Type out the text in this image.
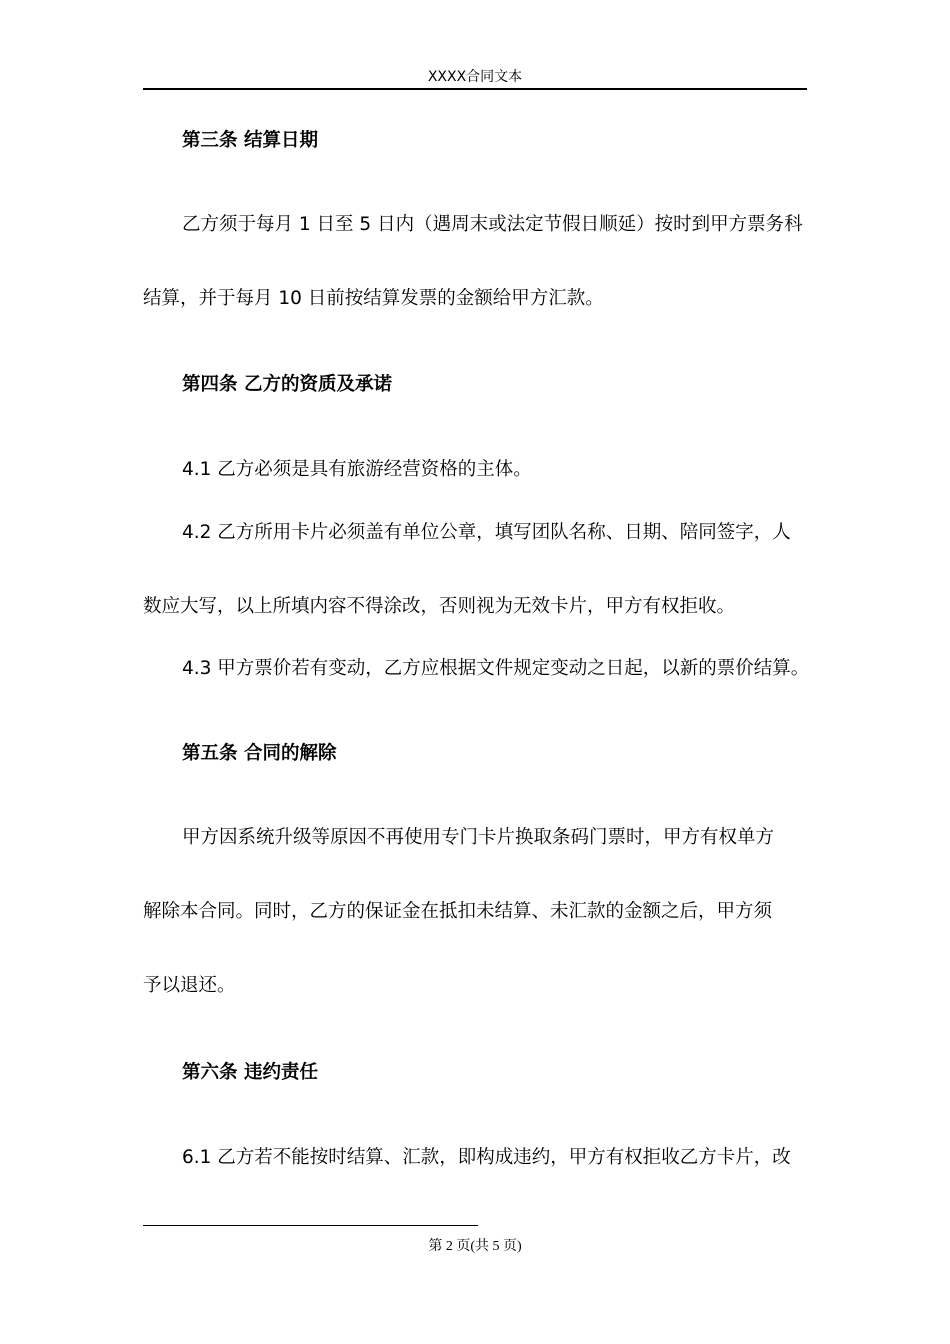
XXXX合同文本
第三条 结算日期
乙方须于每月 1 日至 5 日内（遇周末或法定节假日顺延）按时到甲方票务科
结算，并于每月 10 日前按结算发票的金额给甲方汇款。
第四条 乙方的资质及承诺
4.1 乙方必须是具有旅游经营资格的主体。
4.2 乙方所用卡片必须盖有单位公章，填写团队名称、日期、陪同签字，人
数应大写，以上所填内容不得涂改，否则视为无效卡片，甲方有权拒收。
4.3 甲方票价若有变动，乙方应根据文件规定变动之日起，以新的票价结算。
第五条 合同的解除
甲方因系统升级等原因不再使用专门卡片换取条码门票时，甲方有权单方
解除本合同。同时，乙方的保证金在抵扣未结算、未汇款的金额之后，甲方须
予以退还。
第六条 违约责任
6.1 乙方若不能按时结算、汇款，即构成违约，甲方有权拒收乙方卡片，改
第 2 页(共 5 页)
